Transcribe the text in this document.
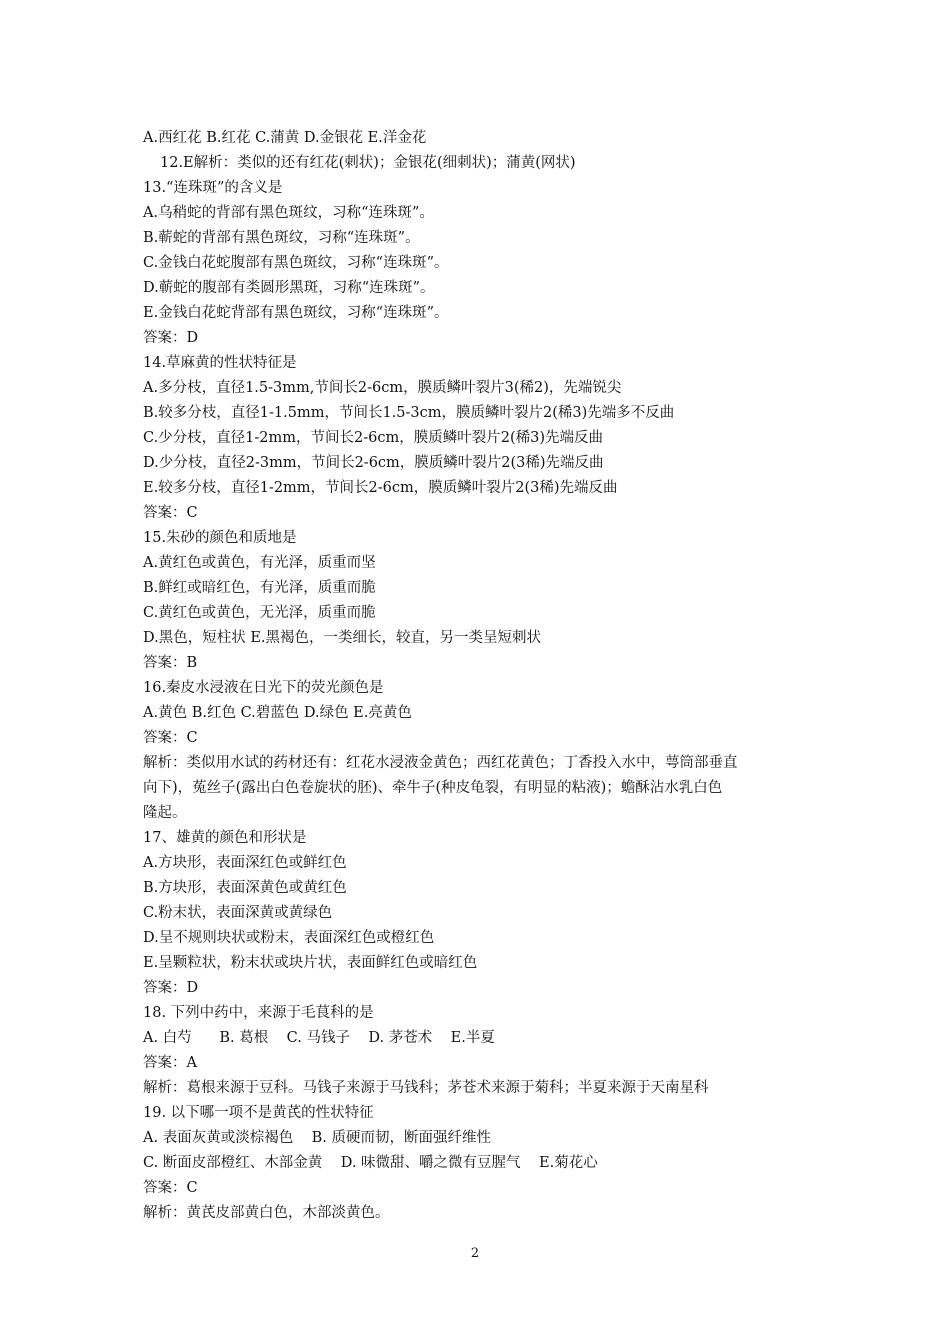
A.西红花 B.红花 C.蒲黄 D.金银花 E.洋金花
12.E解析：类似的还有红花(刺状)；金银花(细刺状)；蒲黄(网状)
13.“连珠斑”的含义是
A.乌稍蛇的背部有黑色斑纹，习称“连珠斑”。
B.蕲蛇的背部有黑色斑纹，习称“连珠斑”。
C.金钱白花蛇腹部有黑色斑纹，习称“连珠斑”。
D.蕲蛇的腹部有类圆形黑斑，习称“连珠斑”。
E.金钱白花蛇背部有黑色斑纹，习称“连珠斑”。
答案：D
14.草麻黄的性状特征是
A.多分枝，直径1.5-3mm,节间长2-6cm，膜质鳞叶裂片3(稀2)，先端锐尖
B.较多分枝，直径1-1.5mm，节间长1.5-3cm，膜质鳞叶裂片2(稀3)先端多不反曲
C.少分枝，直径1-2mm，节间长2-6cm，膜质鳞叶裂片2(稀3)先端反曲
D.少分枝，直径2-3mm，节间长2-6cm，膜质鳞叶裂片2(3稀)先端反曲
E.较多分枝，直径1-2mm，节间长2-6cm，膜质鳞叶裂片2(3稀)先端反曲
答案：C
15.朱砂的颜色和质地是
A.黄红色或黄色，有光泽，质重而坚
B.鲜红或暗红色，有光泽，质重而脆
C.黄红色或黄色，无光泽，质重而脆
D.黑色，短柱状 E.黑褐色，一类细长，较直，另一类呈短刺状
答案：B
16.秦皮水浸液在日光下的荧光颜色是
A.黄色 B.红色 C.碧蓝色 D.绿色 E.亮黄色
答案：C
解析：类似用水试的药材还有：红花水浸液金黄色；西红花黄色；丁香投入水中，萼筒部垂直
向下)，菟丝子(露出白色卷旋状的胚)、牵牛子(种皮龟裂，有明显的粘液)；蟾酥沾水乳白色
隆起。
17、雄黄的颜色和形状是
A.方块形，表面深红色或鲜红色
B.方块形，表面深黄色或黄红色
C.粉末状，表面深黄或黄绿色
D.呈不规则块状或粉末，表面深红色或橙红色
E.呈颗粒状，粉末状或块片状，表面鲜红色或暗红色
答案：D
18. 下列中药中，来源于毛茛科的是
A. 白芍      B. 葛根    C. 马钱子    D. 茅苍术    E.半夏
答案：A
解析：葛根来源于豆科。马钱子来源于马钱科；茅苍术来源于菊科；半夏来源于天南星科
19. 以下哪一项不是黄芪的性状特征
A. 表面灰黄或淡棕褐色    B. 质硬而韧，断面强纤维性
C. 断面皮部橙红、木部金黄    D. 味微甜、嚼之微有豆腥气    E.菊花心
答案：C
解析：黄芪皮部黄白色，木部淡黄色。
2
